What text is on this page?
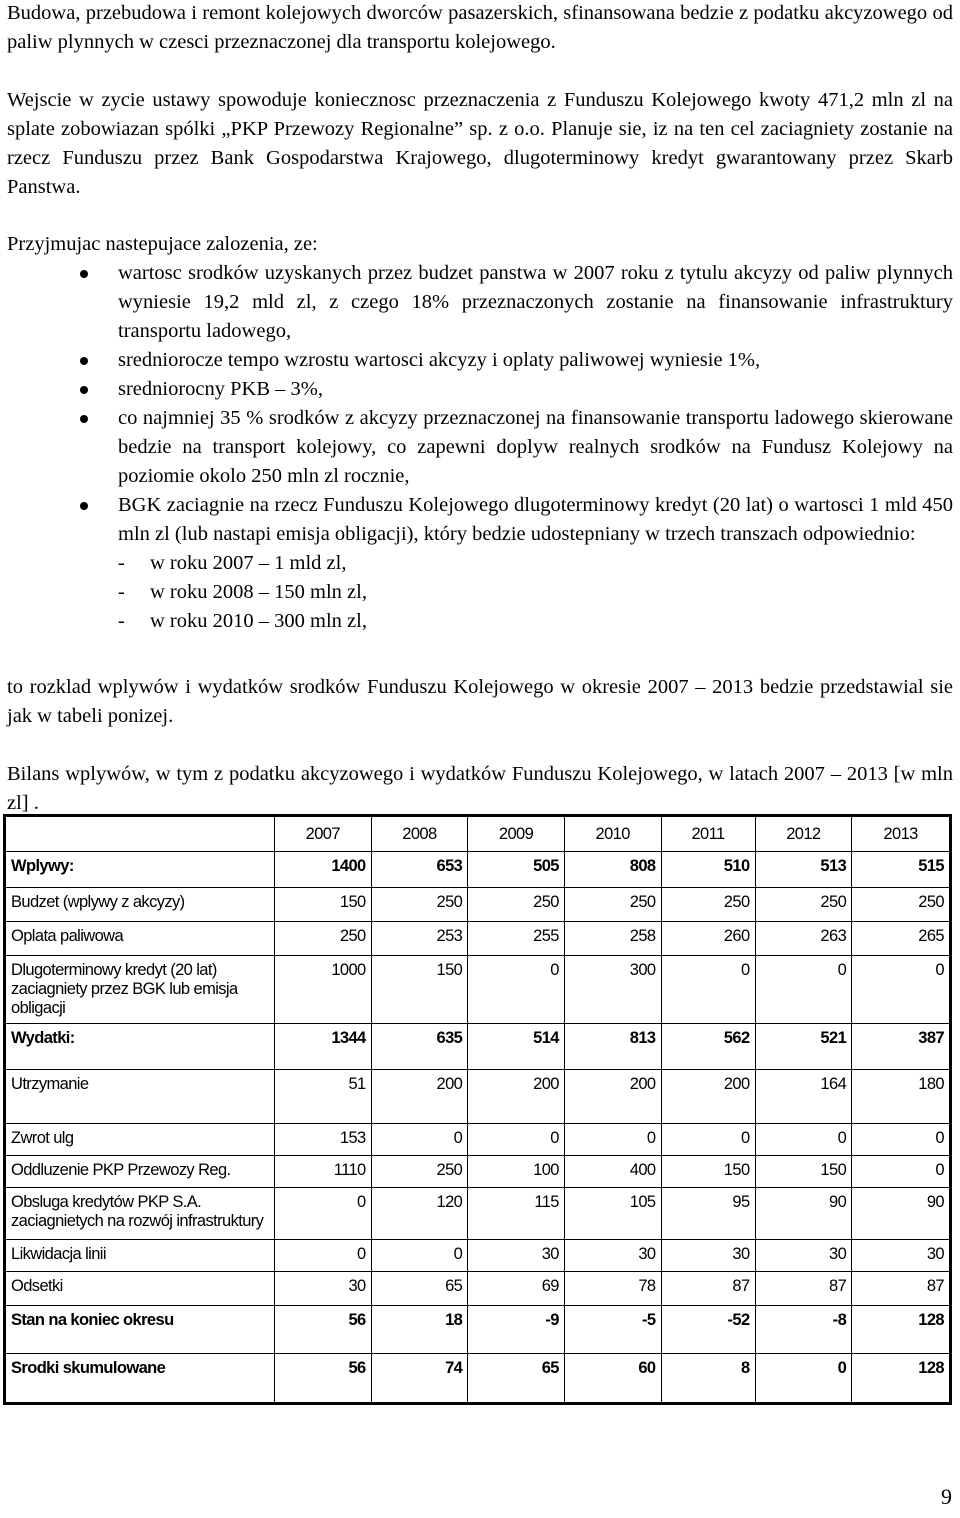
Budowa, przebudowa i remont kolejowych dworców pasazerskich, sfinansowana bedzie z podatku akcyzowego od paliw plynnych w czesci przeznaczonej dla transportu kolejowego.

Wejscie w zycie ustawy spowoduje koniecznosc przeznaczenia z Funduszu Kolejowego kwoty 471,2 mln zl na splate zobowiazan spólki „PKP Przewozy Regionalne” sp. z o.o. Planuje sie, iz na ten cel zaciagniety zostanie na rzecz Funduszu przez Bank Gospodarstwa Krajowego, dlugoterminowy kredyt gwarantowany przez Skarb Panstwa.

Przyjmujac nastepujace zalozenia, ze:

wartosc srodków uzyskanych przez budzet panstwa w 2007 roku z tytulu akcyzy od paliw plynnych wyniesie 19,2 mld zl, z czego 18% przeznaczonych zostanie na finansowanie infrastruktury transportu ladowego,
sredniorocze tempo wzrostu wartosci akcyzy i oplaty paliwowej wyniesie 1%,
sredniorocny PKB – 3%,
co najmniej 35 % srodków z akcyzy przeznaczonej na finansowanie transportu ladowego skierowane bedzie na transport kolejowy, co zapewni doplyw realnych srodków na Fundusz Kolejowy na poziomie okolo 250 mln zl rocznie,
BGK zaciagnie na rzecz Funduszu Kolejowego dlugoterminowy kredyt (20 lat) o wartosci 1 mld 450 mln zl (lub nastapi emisja obligacji), który bedzie udostepniany w trzech transzach odpowiednio:
- w roku 2007 – 1 mld zl,
- w roku 2008 – 150 mln zl,
- w roku 2010 – 300 mln zl,

to rozklad wplywów i wydatków srodków Funduszu Kolejowego w okresie 2007 – 2013 bedzie przedstawial sie jak w tabeli ponizej.

Bilans wplywów, w tym z podatku akcyzowego i wydatków Funduszu Kolejowego, w latach 2007 – 2013 [w mln zl] .

	2007	2008	2009	2010	2011	2012	2013
Wplywy:	1400	653	505	808	510	513	515
Budzet (wplywy z akcyzy)	150	250	250	250	250	250	250
Oplata paliwowa	250	253	255	258	260	263	265
Dlugoterminowy kredyt (20 lat) zaciagniety przez BGK lub emisja obligacji	1000	150	0	300	0	0	0
Wydatki:	1344	635	514	813	562	521	387
Utrzymanie	51	200	200	200	200	164	180
Zwrot ulg	153	0	0	0	0	0	0
Oddluzenie PKP Przewozy Reg.	1110	250	100	400	150	150	0
Obsluga kredytów PKP S.A. zaciagnietych na rozwój infrastruktury	0	120	115	105	95	90	90
Likwidacja linii	0	0	30	30	30	30	30
Odsetki	30	65	69	78	87	87	87
Stan na koniec okresu	56	18	-9	-5	-52	-8	128
Srodki skumulowane	56	74	65	60	8	0	128
9
